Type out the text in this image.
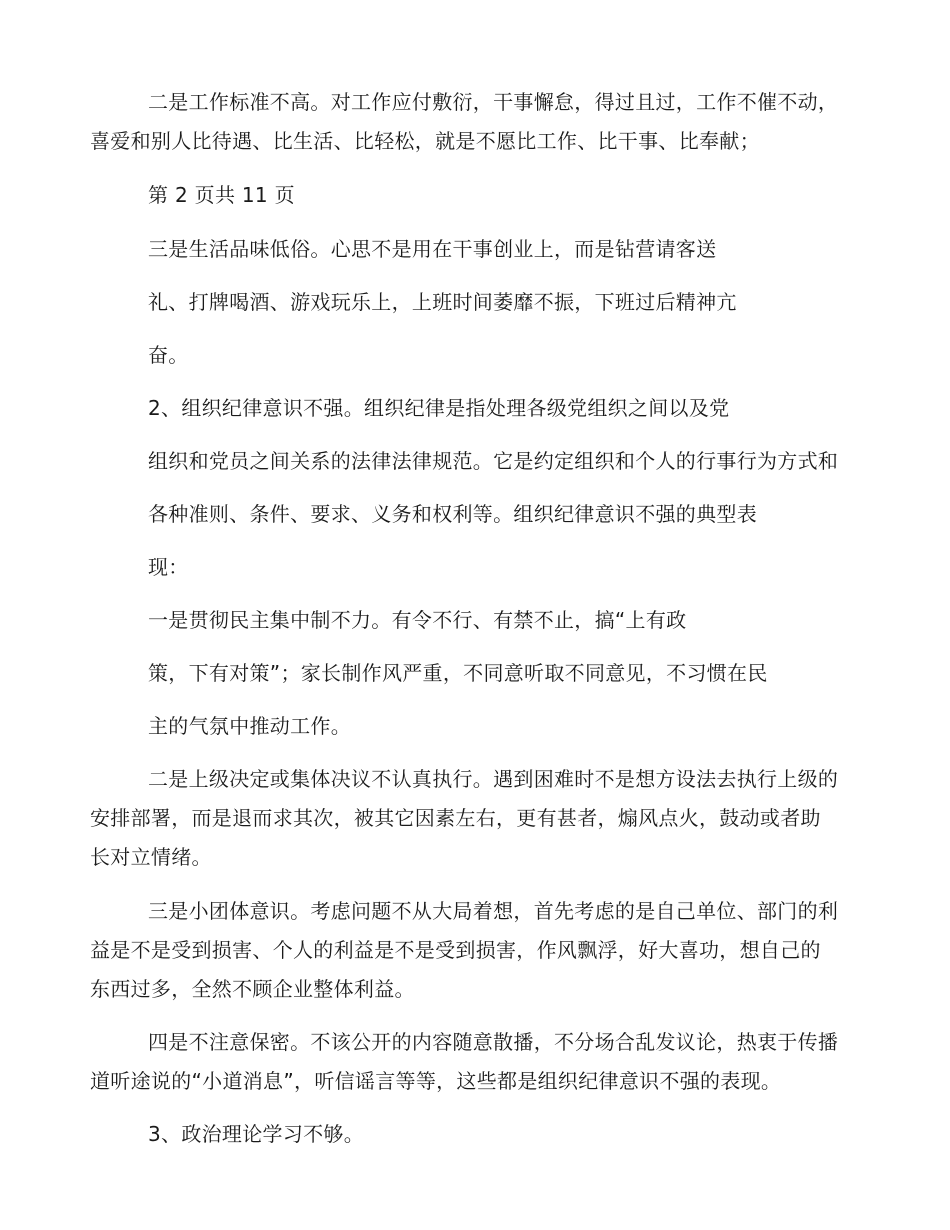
二是工作标准不高。对工作应付敷衍，干事懈怠，得过且过，工作不催不动，
喜爱和别人比待遇、比生活、比轻松，就是不愿比工作、比干事、比奉献；
第 2 页共 11 页
三是生活品味低俗。心思不是用在干事创业上，而是钻营请客送
礼、打牌喝酒、游戏玩乐上，上班时间萎靡不振，下班过后精神亢
奋。
2、组织纪律意识不强。组织纪律是指处理各级党组织之间以及党
组织和党员之间关系的法律法律规范。它是约定组织和个人的行事行为方式和
各种准则、条件、要求、义务和权利等。组织纪律意识不强的典型表
现：
一是贯彻民主集中制不力。有令不行、有禁不止，搞“上有政
策，下有对策”；家长制作风严重，不同意听取不同意见，不习惯在民
主的气氛中推动工作。
二是上级决定或集体决议不认真执行。遇到困难时不是想方设法去执行上级的
安排部署，而是退而求其次，被其它因素左右，更有甚者，煽风点火，鼓动或者助
长对立情绪。
三是小团体意识。考虑问题不从大局着想，首先考虑的是自己单位、部门的利
益是不是受到损害、个人的利益是不是受到损害，作风飘浮，好大喜功，想自己的
东西过多，全然不顾企业整体利益。
四是不注意保密。不该公开的内容随意散播，不分场合乱发议论，热衷于传播
道听途说的“小道消息”，听信谣言等等，这些都是组织纪律意识不强的表现。
3、政治理论学习不够。
